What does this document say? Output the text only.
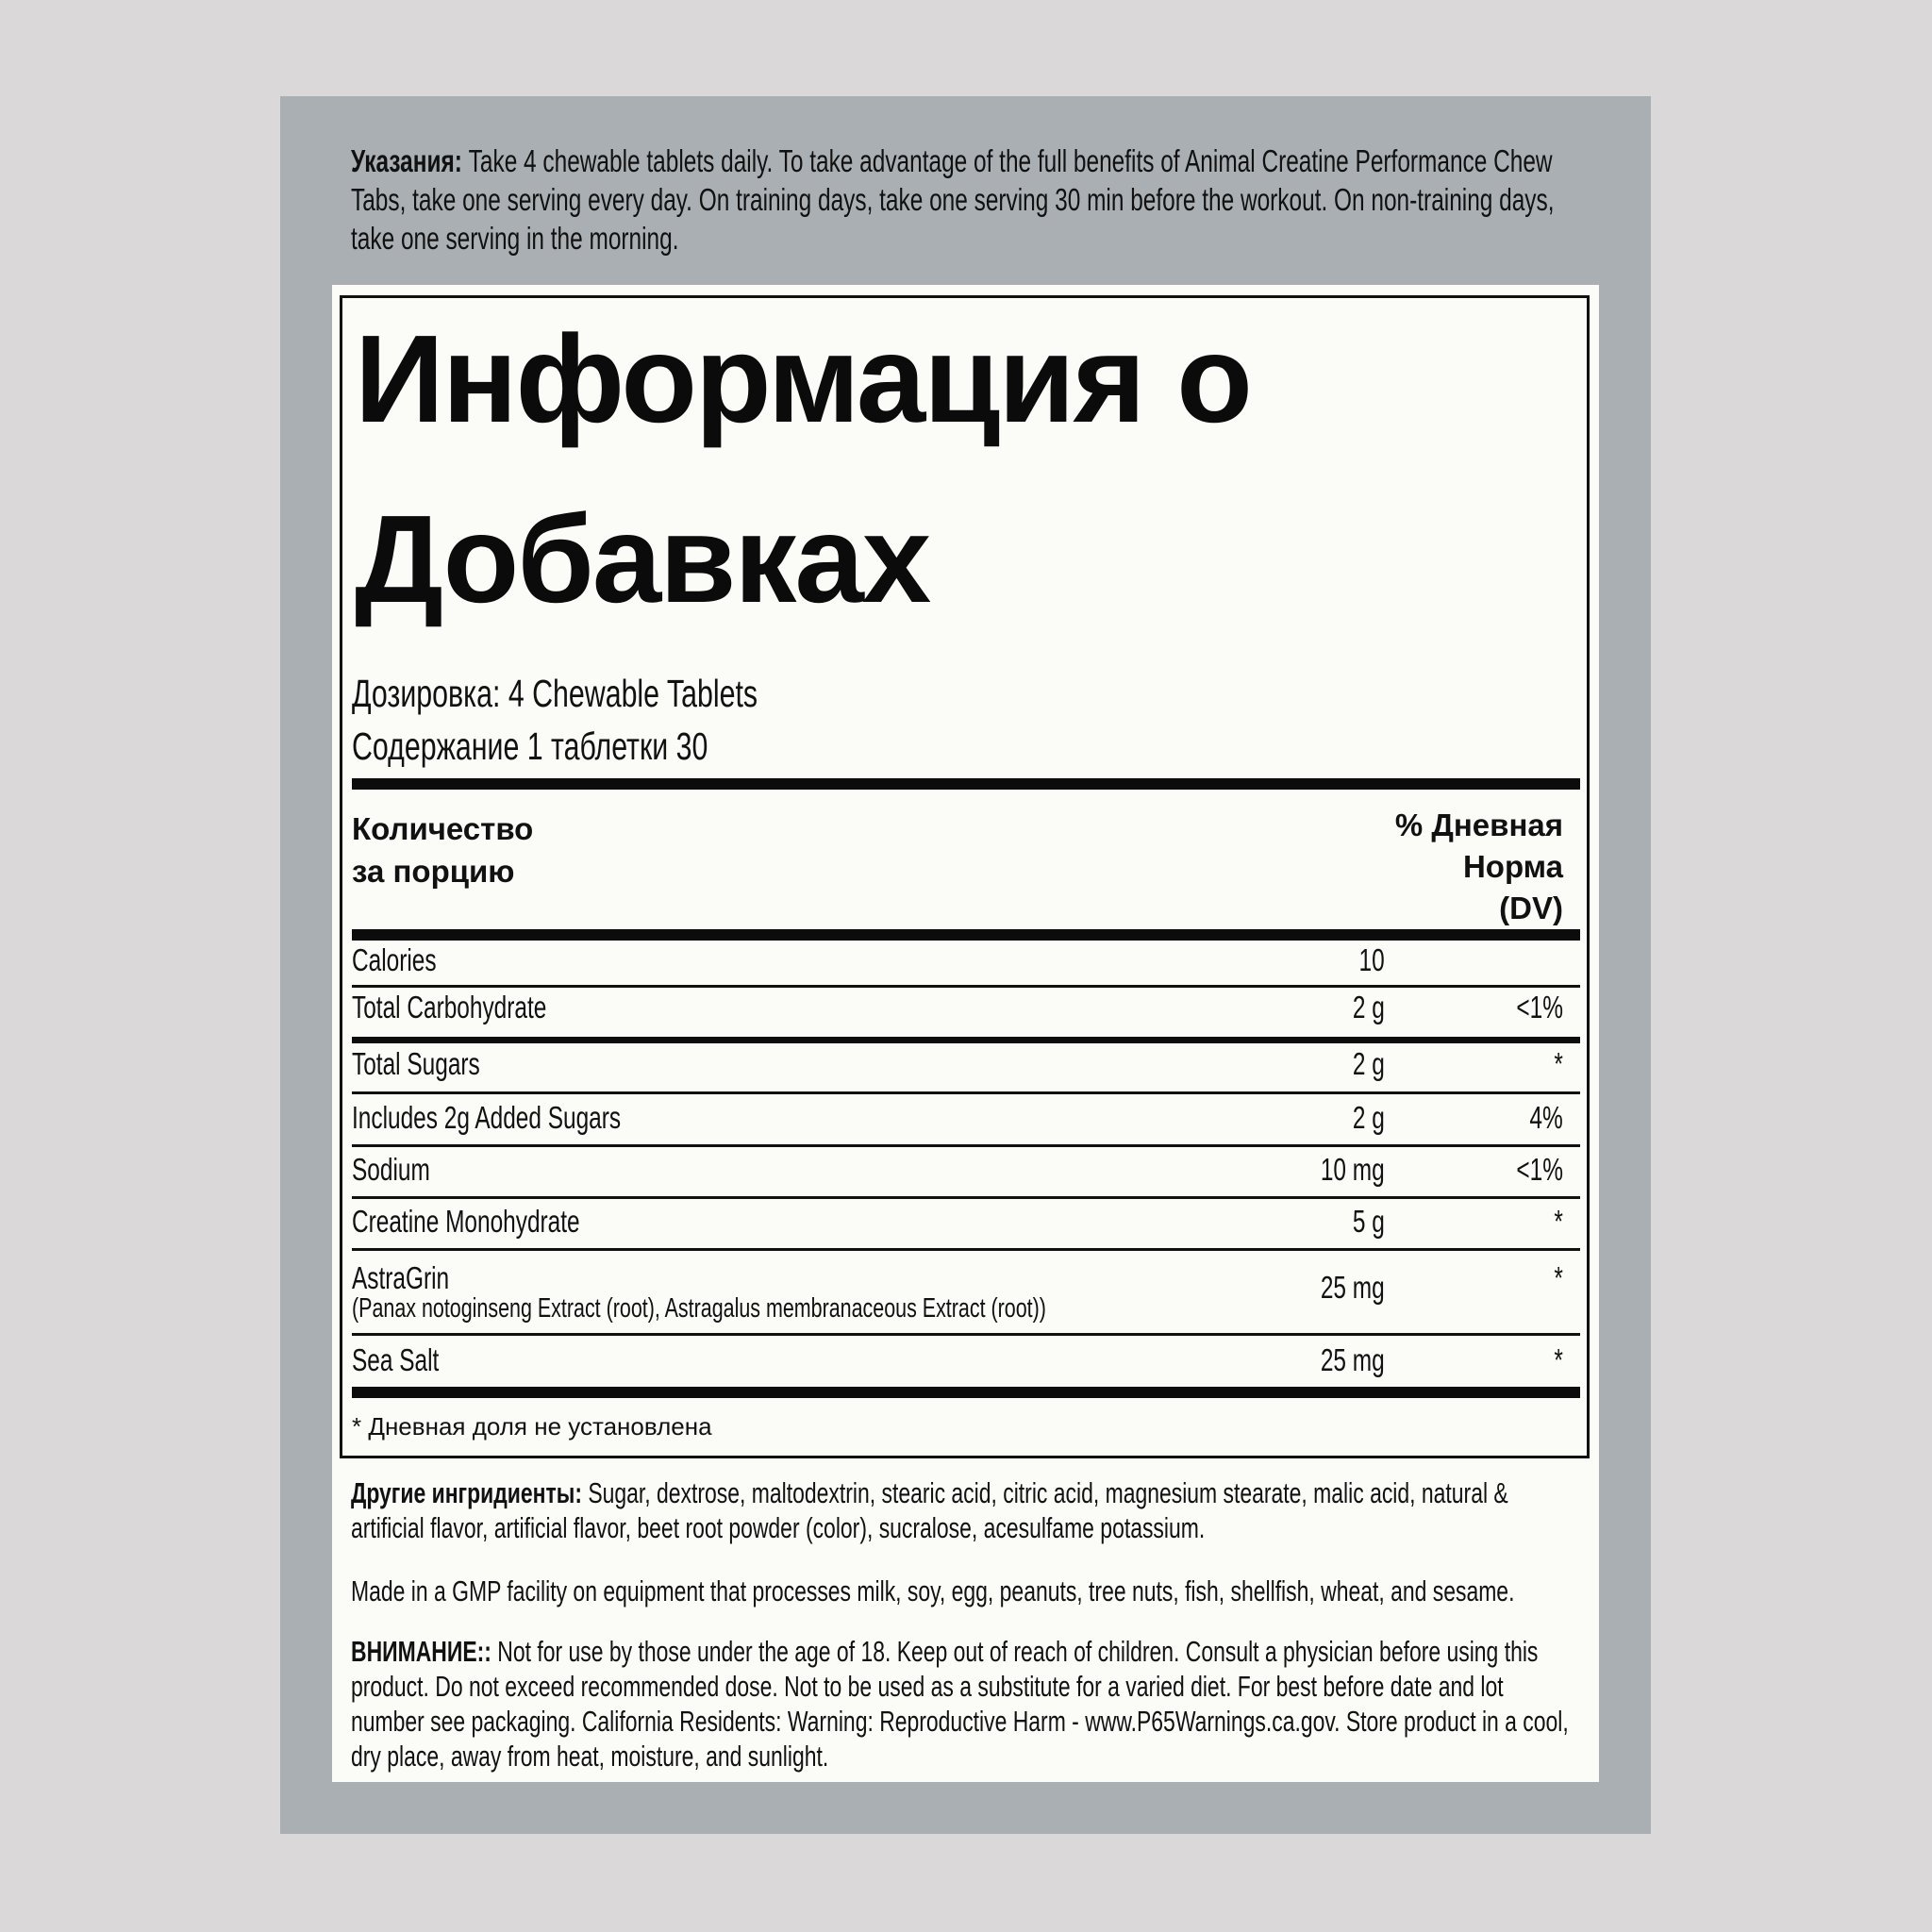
Указания: Take 4 chewable tablets daily. To take advantage of the full benefits of Animal Creatine Performance Chew Tabs, take one serving every day. On training days, take one serving 30 min before the workout. On non-training days, take one serving in the morning.
Информация о
Добавках
Дозировка: 4 Chewable Tablets
Содержание 1 таблетки 30
Количество
за порцию
% Дневная
Норма
(DV)
Calories	10
Total Carbohydrate	2 g	<1%
Total Sugars	2 g	*
Includes 2g Added Sugars	2 g	4%
Sodium	10 mg	<1%
Creatine Monohydrate	5 g	*
AstraGrin
(Panax notoginseng Extract (root), Astragalus membranaceous Extract (root))
25 mg	*
Sea Salt	25 mg	*
* Дневная доля не установлена
Другие ингридиенты: Sugar, dextrose, maltodextrin, stearic acid, citric acid, magnesium stearate, malic acid, natural & artificial flavor, artificial flavor, beet root powder (color), sucralose, acesulfame potassium.
Made in a GMP facility on equipment that processes milk, soy, egg, peanuts, tree nuts, fish, shellfish, wheat, and sesame.
ВНИМАНИЕ:: Not for use by those under the age of 18. Keep out of reach of children. Consult a physician before using this product. Do not exceed recommended dose. Not to be used as a substitute for a varied diet. For best before date and lot number see packaging. California Residents: Warning: Reproductive Harm - www.P65Warnings.ca.gov. Store product in a cool, dry place, away from heat, moisture, and sunlight.
